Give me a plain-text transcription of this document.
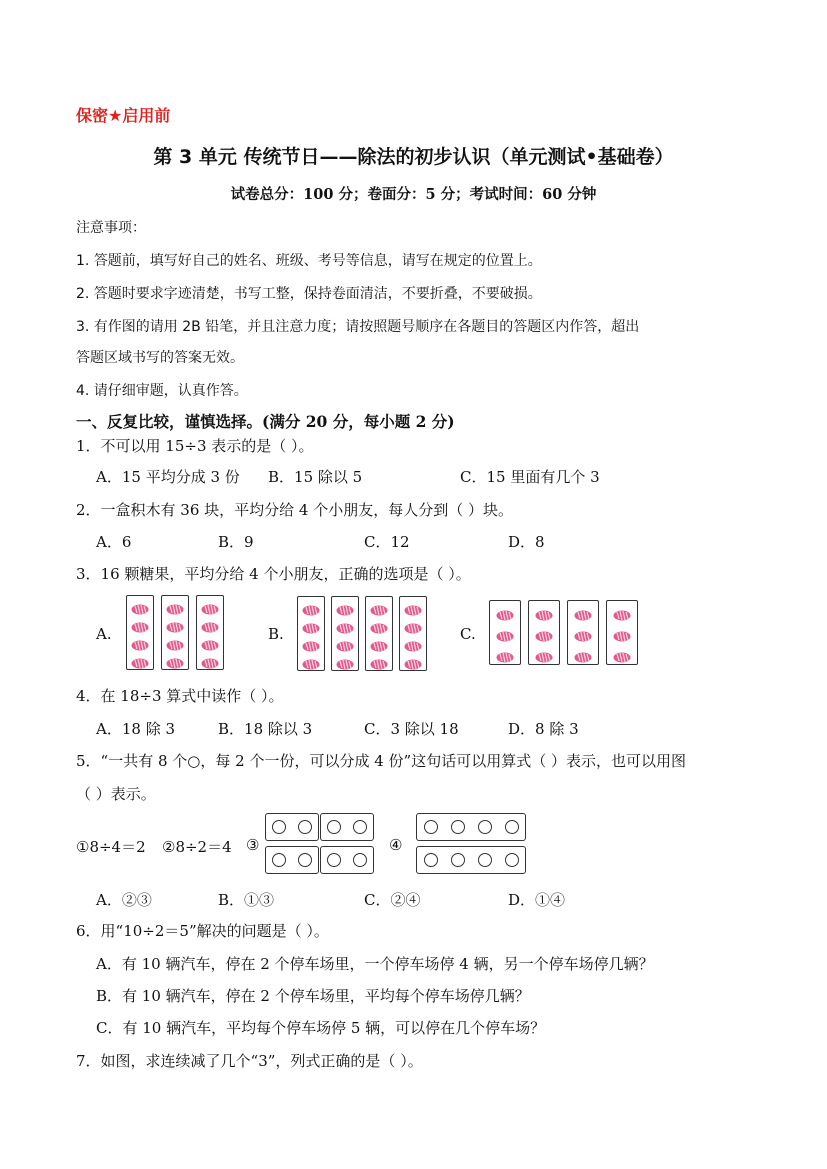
保密★启用前
第 3 单元 传统节日——除法的初步认识（单元测试•基础卷）
试卷总分：100 分；卷面分：5 分；考试时间：60 分钟
注意事项：
1. 答题前，填写好自己的姓名、班级、考号等信息，请写在规定的位置上。
2. 答题时要求字迹清楚，书写工整，保持卷面清洁，不要折叠，不要破损。
3. 有作图的请用 2B 铅笔，并且注意力度；请按照题号顺序在各题目的答题区内作答，超出
答题区域书写的答案无效。
4. 请仔细审题，认真作答。
一、反复比较，谨慎选择。(满分 20 分，每小题 2 分)
1．不可以用 15÷3 表示的是（ ）。
A．15 平均分成 3 份 B．15 除以 5	C．15 里面有几个 3
2．一盒积木有 36 块，平均分给 4 个小朋友，每人分到（ ）块。
A．6	B．9	C．12	D．8
3．16 颗糖果，平均分给 4 个小朋友，正确的选项是（ ）。
A.	B.	C.
4．在 18÷3 算式中读作（ ）。
A．18 除 3	B．18 除以 3	C．3 除以 18	D．8 除 3
5．“一共有 8 个○，每 2 个一份，可以分成 4 份”这句话可以用算式（ ）表示，也可以用图
（ ）表示。
①8÷4＝2 ②8÷2＝4 ③	④
A．②③	B．①③	C．②④	D．①④
6．用“10÷2＝5”解决的问题是（ ）。
A．有 10 辆汽车，停在 2 个停车场里，一个停车场停 4 辆，另一个停车场停几辆？
B．有 10 辆汽车，停在 2 个停车场里，平均每个停车场停几辆？
C．有 10 辆汽车，平均每个停车场停 5 辆，可以停在几个停车场？
7．如图，求连续减了几个“3”，列式正确的是（ ）。
